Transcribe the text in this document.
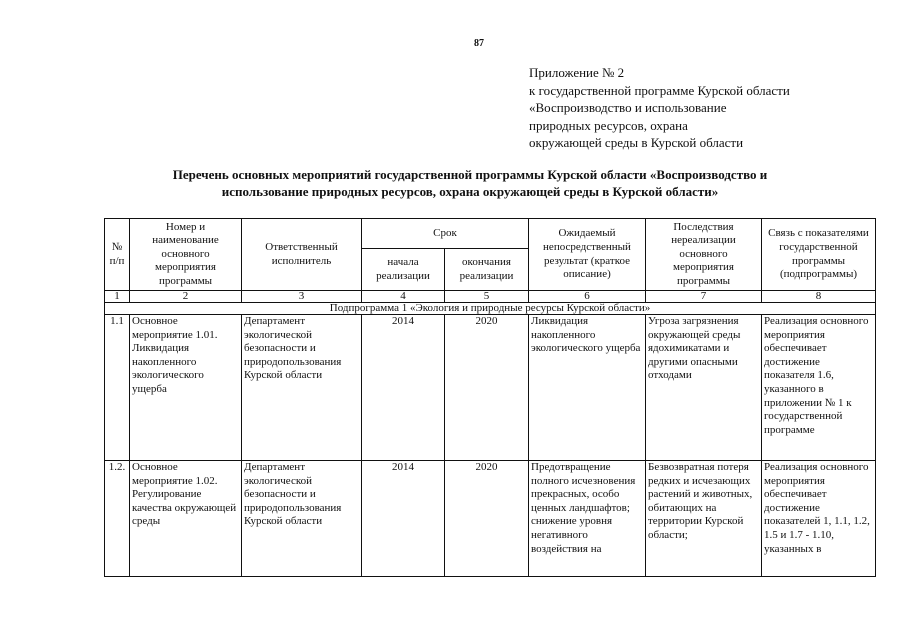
87
Приложение № 2
к государственной программе Курской области
«Воспроизводство и использование
природных ресурсов, охрана
окружающей среды в Курской области
Перечень основных мероприятий государственной программы Курской области «Воспроизводство и
использование природных ресурсов, охрана окружающей среды в Курской области»
№ п/п	Номер и наименование основного мероприятия программы	Ответственный исполнитель	Срок		Ожидаемый непосредственный результат (краткое описание)	Последствия нереализации основного мероприятия программы	Связь с показателями государственной программы (подпрограммы)
			начала реализации	окончания реализации			
1	2	3	4	5	6	7	8
Подпрограмма 1 «Экология и природные ресурсы Курской области»							
1.1	Основное мероприятие 1.01. Ликвидация накопленного экологического ущерба	Департамент экологической безопасности и природопользования Курской области	2014	2020	Ликвидация накопленного экологического ущерба	Угроза загрязнения окружающей среды ядохимикатами и другими опасными отходами	Реализация основного мероприятия обеспечивает достижение показателя 1.6, указанного в приложении № 1 к государственной программе
1.2.	Основное мероприятие 1.02. Регулирование качества окружающей среды	Департамент экологической безопасности и природопользования Курской области	2014	2020	Предотвращение полного исчезновения прекрасных, особо ценных ландшафтов; снижение уровня негативного воздействия на	Безвозвратная потеря редких и исчезающих растений и животных, обитающих на территории Курской области;	Реализация основного мероприятия обеспечивает достижение показателей 1, 1.1, 1.2, 1.5 и 1.7 - 1.10, указанных в
